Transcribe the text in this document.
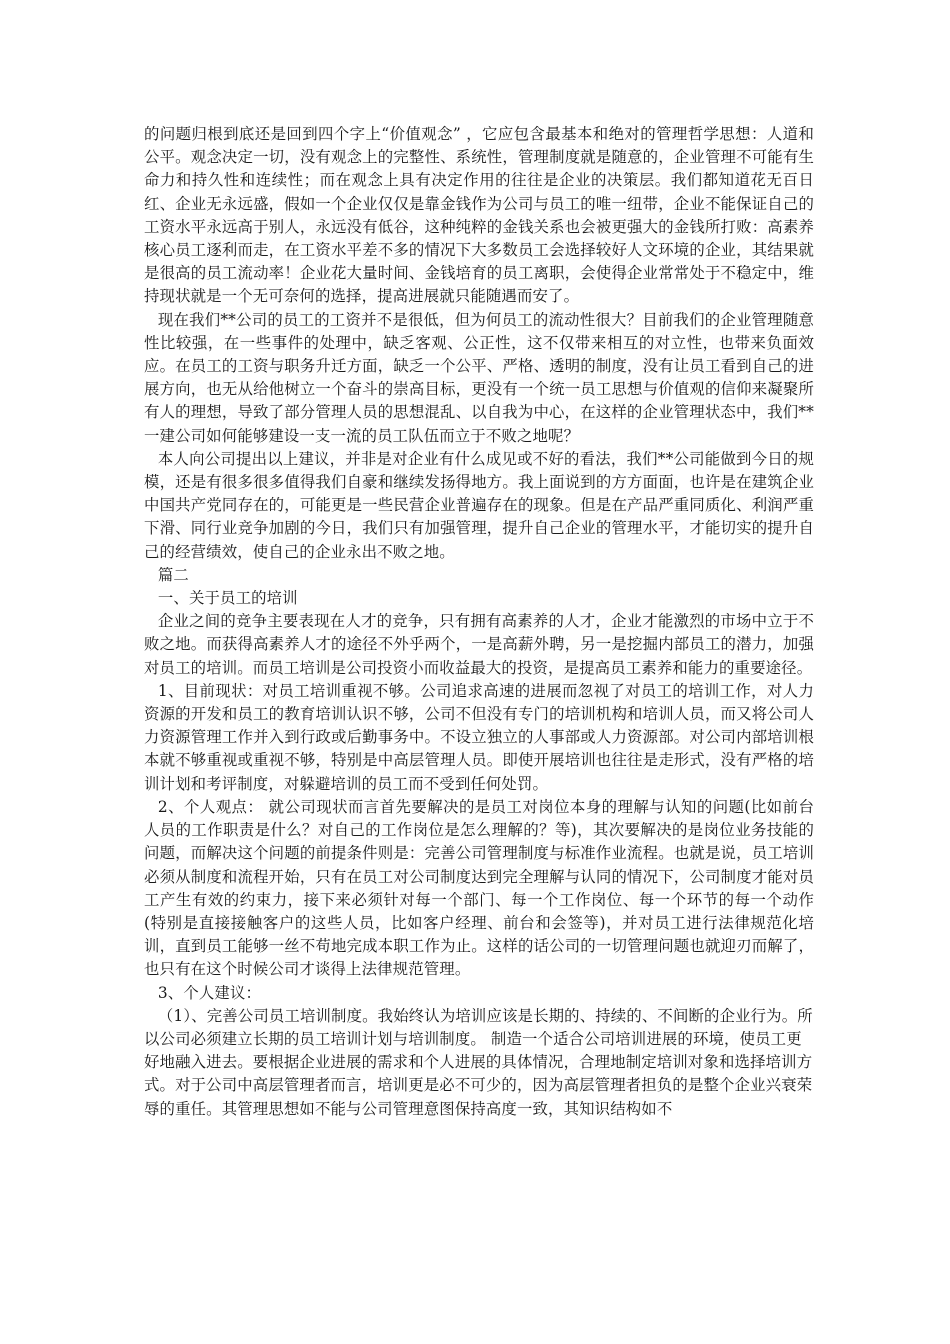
的问题归根到底还是回到四个字上“价值观念” ，它应包含最基本和绝对的管理哲学思想：人道和公平。观念决定一切，没有观念上的完整性、系统性，管理制度就是随意的，企业管理不可能有生命力和持久性和连续性；而在观念上具有决定作用的往往是企业的决策层。我们都知道花无百日红、企业无永远盛，假如一个企业仅仅是靠金钱作为公司与员工的唯一纽带，企业不能保证自己的工资水平永远高于别人，永远没有低谷，这种纯粹的金钱关系也会被更强大的金钱所打败：高素养核心员工逐利而走，在工资水平差不多的情况下大多数员工会选择较好人文环境的企业，其结果就是很高的员工流动率！企业花大量时间、金钱培育的员工离职，会使得企业常常处于不稳定中，维持现状就是一个无可奈何的选择，提高进展就只能随遇而安了。

现在我们**公司的员工的工资并不是很低，但为何员工的流动性很大？目前我们的企业管理随意性比较强，在一些事件的处理中，缺乏客观、公正性，这不仅带来相互的对立性，也带来负面效应。在员工的工资与职务升迁方面，缺乏一个公平、严格、透明的制度，没有让员工看到自己的进展方向，也无从给他树立一个奋斗的崇高目标，更没有一个统一员工思想与价值观的信仰来凝聚所有人的理想，导致了部分管理人员的思想混乱、以自我为中心，在这样的企业管理状态中，我们**一建公司如何能够建设一支一流的员工队伍而立于不败之地呢？

本人向公司提出以上建议，并非是对企业有什么成见或不好的看法，我们**公司能做到今日的规模，还是有很多很多值得我们自豪和继续发扬得地方。我上面说到的方方面面，也许是在建筑企业中国共产党同存在的，可能更是一些民营企业普遍存在的现象。但是在产品严重同质化、利润严重下滑、同行业竞争加剧的今日，我们只有加强管理，提升自己企业的管理水平，才能切实的提升自己的经营绩效，使自己的企业永出不败之地。

篇二

一、关于员工的培训

企业之间的竞争主要表现在人才的竞争，只有拥有高素养的人才，企业才能激烈的市场中立于不败之地。而获得高素养人才的途径不外乎两个，一是高薪外聘，另一是挖掘内部员工的潜力，加强对员工的培训。而员工培训是公司投资小而收益最大的投资，是提高员工素养和能力的重要途径。

1、目前现状：对员工培训重视不够。公司追求高速的进展而忽视了对员工的培训工作，对人力资源的开发和员工的教育培训认识不够，公司不但没有专门的培训机构和培训人员，而又将公司人力资源管理工作并入到行政或后勤事务中。不设立独立的人事部或人力资源部。对公司内部培训根本就不够重视或重视不够，特别是中高层管理人员。即使开展培训也往往是走形式，没有严格的培训计划和考评制度，对躲避培训的员工而不受到任何处罚。

2、个人观点： 就公司现状而言首先要解决的是员工对岗位本身的理解与认知的问题(比如前台人员的工作职责是什么？对自己的工作岗位是怎么理解的？等)，其次要解决的是岗位业务技能的问题，而解决这个问题的前提条件则是：完善公司管理制度与标准作业流程。也就是说，员工培训必须从制度和流程开始，只有在员工对公司制度达到完全理解与认同的情况下，公司制度才能对员工产生有效的约束力，接下来必须针对每一个部门、每一个工作岗位、每一个环节的每一个动作(特别是直接接触客户的这些人员，比如客户经理、前台和会签等)，并对员工进行法律规范化培训，直到员工能够一丝不苟地完成本职工作为止。这样的话公司的一切管理问题也就迎刃而解了，也只有在这个时候公司才谈得上法律规范管理。

3、个人建议：

（1）、完善公司员工培训制度。我始终认为培训应该是长期的、持续的、不间断的企业行为。所以公司必须建立长期的员工培训计划与培训制度。 制造一个适合公司培训进展的环境，使员工更好地融入进去。要根据企业进展的需求和个人进展的具体情况，合理地制定培训对象和选择培训方式。对于公司中高层管理者而言，培训更是必不可少的，因为高层管理者担负的是整个企业兴衰荣辱的重任。其管理思想如不能与公司管理意图保持高度一致，其知识结构如不
